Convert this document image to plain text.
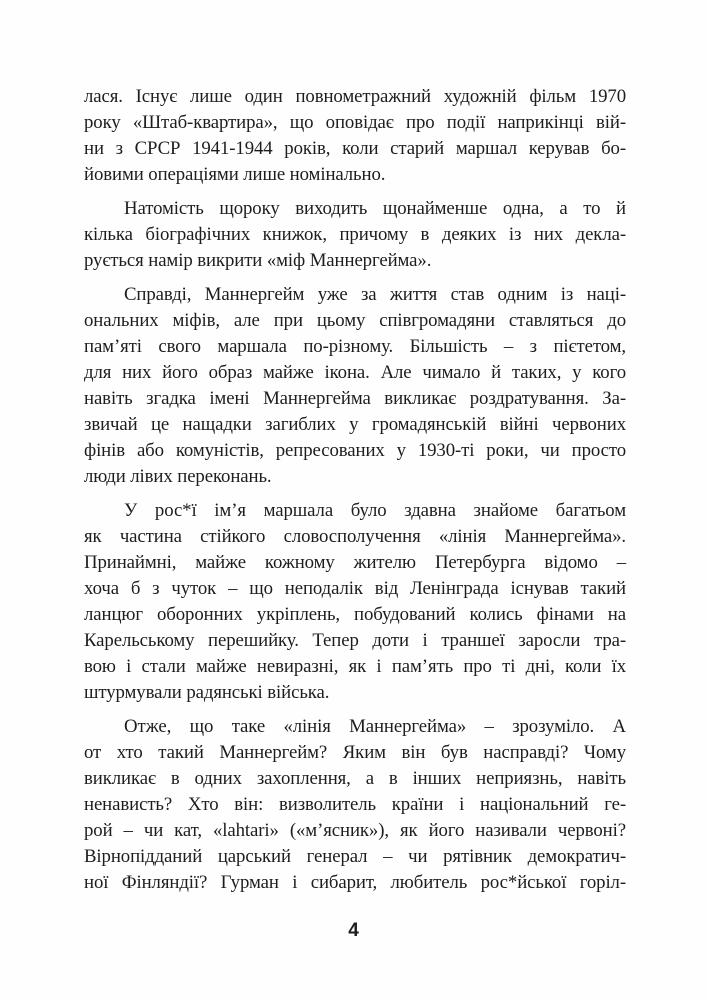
лася. Існує лише один повнометражний художній фільм 1970
року «Штаб-квартира», що оповідає про події наприкінці вій-
ни з СРСР 1941-1944 років, коли старий маршал керував бо-
йовими операціями лише номінально.

Натомість щороку виходить щонайменше одна, а то й
кілька біографічних книжок, причому в деяких із них декла-
рується намір викрити «міф Маннергейма».

Справді, Маннергейм уже за життя став одним із наці-
ональних міфів, але при цьому співгромадяни ставляться до
пам’яті свого маршала по-різному. Більшість – з пієтетом,
для них його образ майже ікона. Але чимало й таких, у кого
навіть згадка імені Маннергейма викликає роздратування. За-
звичай це нащадки загиблих у громадянській війні червоних
фінів або комуністів, репресованих у 1930-ті роки, чи просто
люди лівих переконань.

У рос*ї ім’я маршала було здавна знайоме багатьом
як частина стійкого словосполучення «лінія Маннергейма».
Принаймні, майже кожному жителю Петербурга відомо –
хоча б з чуток – що неподалік від Ленінграда існував такий
ланцюг оборонних укріплень, побудований колись фінами на
Карельському перешийку. Тепер доти і траншеї заросли тра-
вою і стали майже невиразні, як і пам’ять про ті дні, коли їх
штурмували радянські війська.

Отже, що таке «лінія Маннергейма» – зрозуміло. А
от хто такий Маннергейм? Яким він був насправді? Чому
викликає в одних захоплення, а в інших неприязнь, навіть
ненависть? Хто він: визволитель країни і національний ге-
рой – чи кат, «lahtari» («м’ясник»), як його називали червоні?
Вірнопідданий царський генерал – чи рятівник демократич-
ної Фінляндії? Гурман і сибарит, любитель рос*йської горіл-

4
